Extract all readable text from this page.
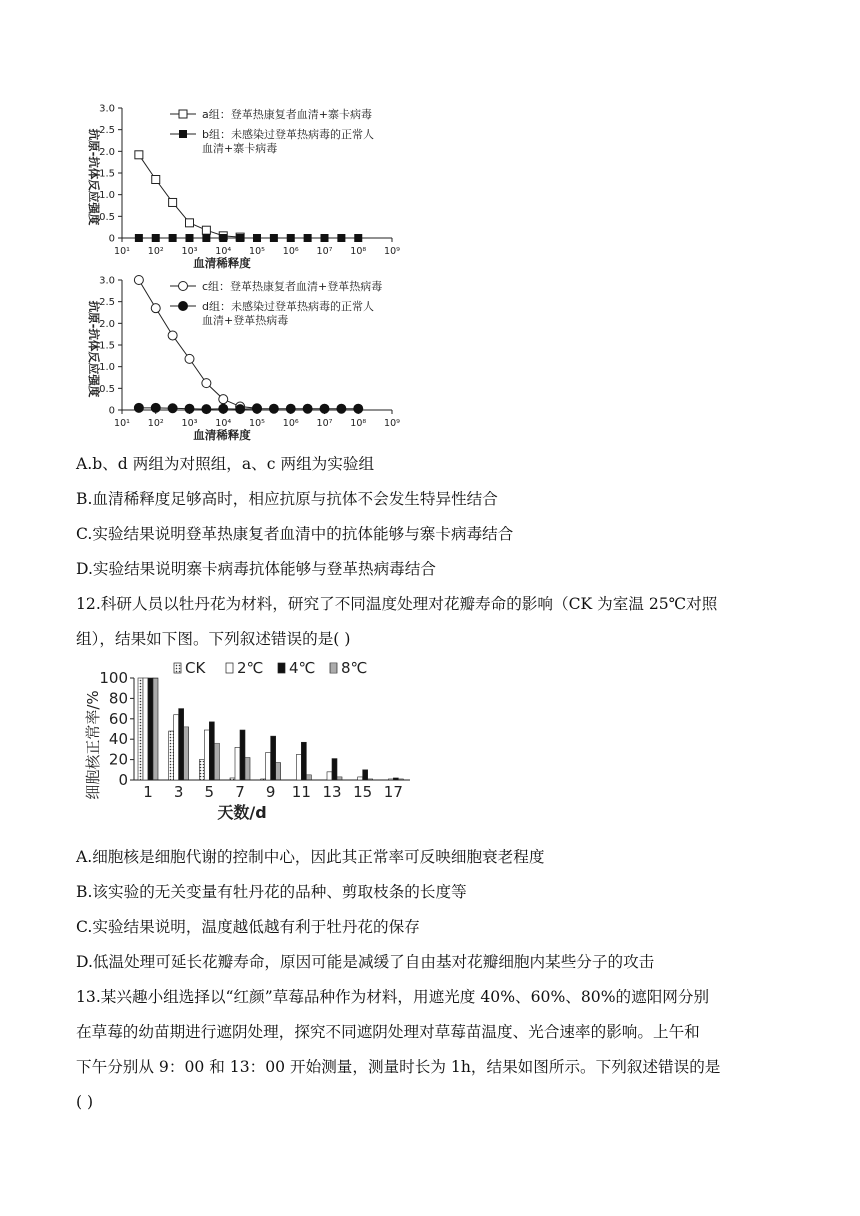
0
0.5
1.0
1.5
2.0
2.5
3.0
10¹ 10² 10³ 10⁴ 10⁵ 10⁶ 10⁷ 10⁸ 10⁹
血清稀释度
抗原-抗体反应强度
a组：登革热康复者血清+寨卡病毒
b组：未感染过登革热病毒的正常人
血清+寨卡病毒
0
0.5
1.0
1.5
2.0
2.5
3.0
10¹ 10² 10³ 10⁴ 10⁵ 10⁶ 10⁷ 10⁸ 10⁹
血清稀释度
抗原-抗体反应强度
c组：登革热康复者血清+登革热病毒
d组：未感染过登革热病毒的正常人
血清+登革热病毒
A.b、d 两组为对照组，a、c 两组为实验组
B.血清稀释度足够高时，相应抗原与抗体不会发生特异性结合
C.实验结果说明登革热康复者血清中的抗体能够与寨卡病毒结合
D.实验结果说明寨卡病毒抗体能够与登革热病毒结合
12.科研人员以牡丹花为材料，研究了不同温度处理对花瓣寿命的影响（CK 为室温 25℃对照
组），结果如下图。下列叙述错误的是( )
0
20
40
60
80
100
1 3 5 7 9 11 13 15 17
天数/d
细胞核正常率/%
CK 2℃ 4℃ 8℃
A.细胞核是细胞代谢的控制中心，因此其正常率可反映细胞衰老程度
B.该实验的无关变量有牡丹花的品种、剪取枝条的长度等
C.实验结果说明，温度越低越有利于牡丹花的保存
D.低温处理可延长花瓣寿命，原因可能是减缓了自由基对花瓣细胞内某些分子的攻击
13.某兴趣小组选择以“红颜”草莓品种作为材料，用遮光度 40%、60%、80%的遮阳网分别
在草莓的幼苗期进行遮阴处理，探究不同遮阴处理对草莓苗温度、光合速率的影响。上午和
下午分别从 9：00 和 13：00 开始测量，测量时长为 1h，结果如图所示。下列叙述错误的是
( )
